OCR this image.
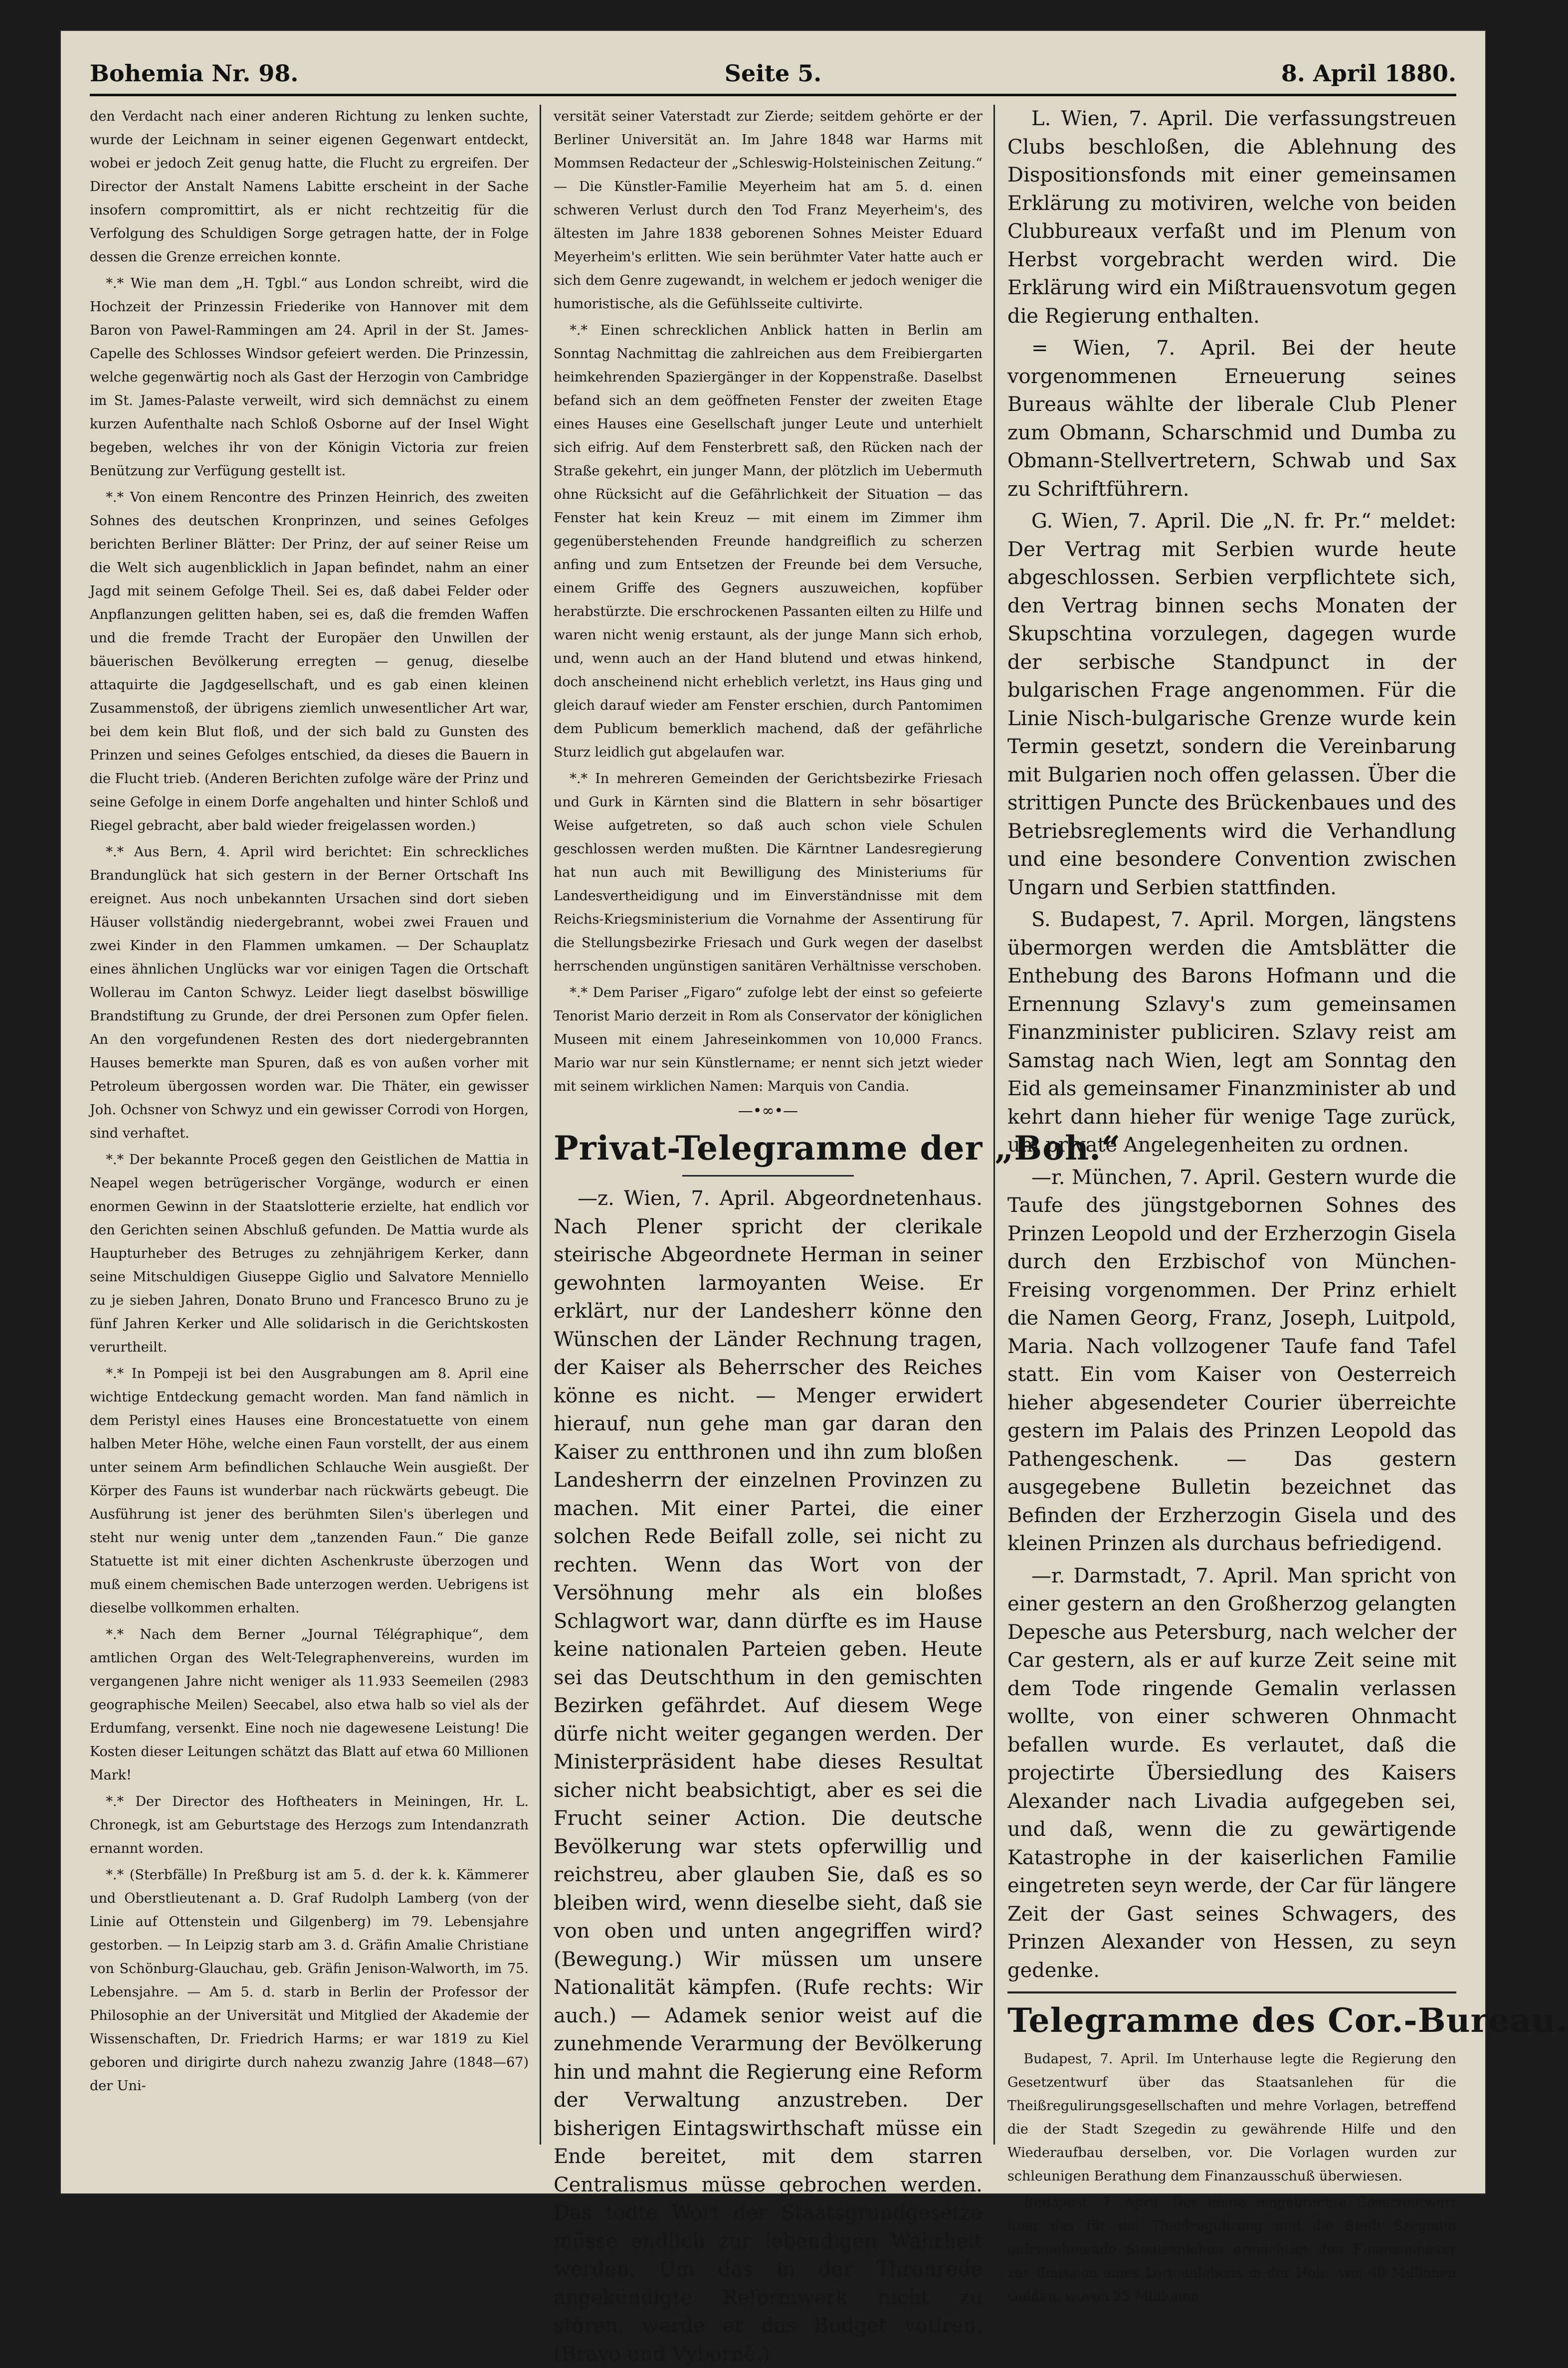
Bohemia Nr. 98.	Seite 5.	8. April 1880.

den Verdacht nach einer anderen Richtung zu lenken suchte, wurde der Leichnam in seiner eigenen Gegenwart entdeckt, wobei er jedoch Zeit genug hatte, die Flucht zu ergreifen. Der Director der Anstalt Namens Labitte erscheint in der Sache insofern compromittirt, als er nicht rechtzeitig für die Verfolgung des Schuldigen Sorge getragen hatte, der in Folge dessen die Grenze erreichen konnte.

*.* Wie man dem „H. Tgbl.“ aus London schreibt, wird die Hochzeit der Prinzessin Friederike von Hannover mit dem Baron von Pawel-Rammingen am 24. April in der St. James-Capelle des Schlosses Windsor gefeiert werden. Die Prinzessin, welche gegenwärtig noch als Gast der Herzogin von Cambridge im St. James-Palaste verweilt, wird sich demnächst zu einem kurzen Aufenthalte nach Schloß Osborne auf der Insel Wight begeben, welches ihr von der Königin Victoria zur freien Benützung zur Verfügung gestellt ist.

*.* Von einem Rencontre des Prinzen Heinrich, des zweiten Sohnes des deutschen Kronprinzen, und seines Gefolges berichten Berliner Blätter: Der Prinz, der auf seiner Reise um die Welt sich augenblicklich in Japan befindet, nahm an einer Jagd mit seinem Gefolge Theil. Sei es, daß dabei Felder oder Anpflanzungen gelitten haben, sei es, daß die fremden Waffen und die fremde Tracht der Europäer den Unwillen der bäuerischen Bevölkerung erregten — genug, dieselbe attaquirte die Jagdgesellschaft, und es gab einen kleinen Zusammenstoß, der übrigens ziemlich unwesentlicher Art war, bei dem kein Blut floß, und der sich bald zu Gunsten des Prinzen und seines Gefolges entschied, da dieses die Bauern in die Flucht trieb. (Anderen Berichten zufolge wäre der Prinz und seine Gefolge in einem Dorfe angehalten und hinter Schloß und Riegel gebracht, aber bald wieder freigelassen worden.)

*.* Aus Bern, 4. April wird berichtet: Ein schreckliches Brandunglück hat sich gestern in der Berner Ortschaft Ins ereignet. Aus noch unbekannten Ursachen sind dort sieben Häuser vollständig niedergebrannt, wobei zwei Frauen und zwei Kinder in den Flammen umkamen. — Der Schauplatz eines ähnlichen Unglücks war vor einigen Tagen die Ortschaft Wollerau im Canton Schwyz. Leider liegt daselbst böswillige Brandstiftung zu Grunde, der drei Personen zum Opfer fielen. An den vorgefundenen Resten des dort niedergebrannten Hauses bemerkte man Spuren, daß es von außen vorher mit Petroleum übergossen worden war. Die Thäter, ein gewisser Joh. Ochsner von Schwyz und ein gewisser Corrodi von Horgen, sind verhaftet.

*.* Der bekannte Proceß gegen den Geistlichen de Mattia in Neapel wegen betrügerischer Vorgänge, wodurch er einen enormen Gewinn in der Staatslotterie erzielte, hat endlich vor den Gerichten seinen Abschluß gefunden. De Mattia wurde als Haupturheber des Betruges zu zehnjährigem Kerker, dann seine Mitschuldigen Giuseppe Giglio und Salvatore Menniello zu je sieben Jahren, Donato Bruno und Francesco Bruno zu je fünf Jahren Kerker und Alle solidarisch in die Gerichtskosten verurtheilt.

*.* In Pompeji ist bei den Ausgrabungen am 8. April eine wichtige Entdeckung gemacht worden. Man fand nämlich in dem Peristyl eines Hauses eine Broncestatuette von einem halben Meter Höhe, welche einen Faun vorstellt, der aus einem unter seinem Arm befindlichen Schlauche Wein ausgießt. Der Körper des Fauns ist wunderbar nach rückwärts gebeugt. Die Ausführung ist jener des berühmten Silen's überlegen und steht nur wenig unter dem „tanzenden Faun.“ Die ganze Statuette ist mit einer dichten Aschenkruste überzogen und muß einem chemischen Bade unterzogen werden. Uebrigens ist dieselbe vollkommen erhalten.

*.* Nach dem Berner „Journal Télégraphique“, dem amtlichen Organ des Welt-Telegraphenvereins, wurden im vergangenen Jahre nicht weniger als 11.933 Seemeilen (2983 geographische Meilen) Seecabel, also etwa halb so viel als der Erdumfang, versenkt. Eine noch nie dagewesene Leistung! Die Kosten dieser Leitungen schätzt das Blatt auf etwa 60 Millionen Mark!

*.* Der Director des Hoftheaters in Meiningen, Hr. L. Chronegk, ist am Geburtstage des Herzogs zum Intendanzrath ernannt worden.

*.* (Sterbfälle) In Preßburg ist am 5. d. der k. k. Kämmerer und Oberstlieutenant a. D. Graf Rudolph Lamberg (von der Linie auf Ottenstein und Gilgenberg) im 79. Lebensjahre gestorben. — In Leipzig starb am 3. d. Gräfin Amalie Christiane von Schönburg-Glauchau, geb. Gräfin Jenison-Walworth, im 75. Lebensjahre. — Am 5. d. starb in Berlin der Professor der Philosophie an der Universität und Mitglied der Akademie der Wissenschaften, Dr. Friedrich Harms; er war 1819 zu Kiel geboren und dirigirte durch nahezu zwanzig Jahre (1848—67) der Uni-

versität seiner Vaterstadt zur Zierde; seitdem gehörte er der Berliner Universität an. Im Jahre 1848 war Harms mit Mommsen Redacteur der „Schleswig-Holsteinischen Zeitung.“ — Die Künstler-Familie Meyerheim hat am 5. d. einen schweren Verlust durch den Tod Franz Meyerheim's, des ältesten im Jahre 1838 geborenen Sohnes Meister Eduard Meyerheim's erlitten. Wie sein berühmter Vater hatte auch er sich dem Genre zugewandt, in welchem er jedoch weniger die humoristische, als die Gefühlsseite cultivirte.

*.* Einen schrecklichen Anblick hatten in Berlin am Sonntag Nachmittag die zahlreichen aus dem Freibiergarten heimkehrenden Spaziergänger in der Koppenstraße. Daselbst befand sich an dem geöffneten Fenster der zweiten Etage eines Hauses eine Gesellschaft junger Leute und unterhielt sich eifrig. Auf dem Fensterbrett saß, den Rücken nach der Straße gekehrt, ein junger Mann, der plötzlich im Uebermuth ohne Rücksicht auf die Gefährlichkeit der Situation — das Fenster hat kein Kreuz — mit einem im Zimmer ihm gegenüberstehenden Freunde handgreiflich zu scherzen anfing und zum Entsetzen der Freunde bei dem Versuche, einem Griffe des Gegners auszuweichen, kopfüber herabstürzte. Die erschrockenen Passanten eilten zu Hilfe und waren nicht wenig erstaunt, als der junge Mann sich erhob, und, wenn auch an der Hand blutend und etwas hinkend, doch anscheinend nicht erheblich verletzt, ins Haus ging und gleich darauf wieder am Fenster erschien, durch Pantomimen dem Publicum bemerklich machend, daß der gefährliche Sturz leidlich gut abgelaufen war.

*.* In mehreren Gemeinden der Gerichtsbezirke Friesach und Gurk in Kärnten sind die Blattern in sehr bösartiger Weise aufgetreten, so daß auch schon viele Schulen geschlossen werden mußten. Die Kärntner Landesregierung hat nun auch mit Bewilligung des Ministeriums für Landesvertheidigung und im Einverständnisse mit dem Reichs-Kriegsministerium die Vornahme der Assentirung für die Stellungsbezirke Friesach und Gurk wegen der daselbst herrschenden ungünstigen sanitären Verhältnisse verschoben.

*.* Dem Pariser „Figaro“ zufolge lebt der einst so gefeierte Tenorist Mario derzeit in Rom als Conservator der königlichen Museen mit einem Jahreseinkommen von 10,000 Francs. Mario war nur sein Künstlername; er nennt sich jetzt wieder mit seinem wirklichen Namen: Marquis von Candia.

—•∞•—
Privat-Telegramme der „Boh.“

—z. Wien, 7. April. Abgeordnetenhaus. Nach Plener spricht der clerikale steirische Abgeordnete Herman in seiner gewohnten larmoyanten Weise. Er erklärt, nur der Landesherr könne den Wünschen der Länder Rechnung tragen, der Kaiser als Beherrscher des Reiches könne es nicht. — Menger erwidert hierauf, nun gehe man gar daran den Kaiser zu entthronen und ihn zum bloßen Landesherrn der einzelnen Provinzen zu machen. Mit einer Partei, die einer solchen Rede Beifall zolle, sei nicht zu rechten. Wenn das Wort von der Versöhnung mehr als ein bloßes Schlagwort war, dann dürfte es im Hause keine nationalen Parteien geben. Heute sei das Deutschthum in den gemischten Bezirken gefährdet. Auf diesem Wege dürfe nicht weiter gegangen werden. Der Ministerpräsident habe dieses Resultat sicher nicht beabsichtigt, aber es sei die Frucht seiner Action. Die deutsche Bevölkerung war stets opferwillig und reichstreu, aber glauben Sie, daß es so bleiben wird, wenn dieselbe sieht, daß sie von oben und unten angegriffen wird? (Bewegung.) Wir müssen um unsere Nationalität kämpfen. (Rufe rechts: Wir auch.) — Adamek senior weist auf die zunehmende Verarmung der Bevölkerung hin und mahnt die Regierung eine Reform der Verwaltung anzustreben. Der bisherigen Eintagswirthschaft müsse ein Ende bereitet, mit dem starren Centralismus müsse gebrochen werden. Das todte Wort der Staatsgrundgesetze müsse endlich zur lebendigen Wahrheit werden. Um das in der Thronrede angekündigte Reformwerk nicht zu stören, werde er das Budget votiren. (Bravo und Vyborně.)

L. Wien, 7. April. Die verfassungstreuen Clubs beschloßen, die Ablehnung des Dispositionsfonds mit einer gemeinsamen Erklärung zu motiviren, welche von beiden Clubbureaux verfaßt und im Plenum von Herbst vorgebracht werden wird. Die Erklärung wird ein Mißtrauensvotum gegen die Regierung enthalten.

= Wien, 7. April. Bei der heute vorgenommenen Erneuerung seines Bureaus wählte der liberale Club Plener zum Obmann, Scharschmid und Dumba zu Obmann-Stellvertretern, Schwab und Sax zu Schriftführern.

G. Wien, 7. April. Die „N. fr. Pr.“ meldet: Der Vertrag mit Serbien wurde heute abgeschlossen. Serbien verpflichtete sich, den Vertrag binnen sechs Monaten der Skupschtina vorzulegen, dagegen wurde der serbische Standpunct in der bulgarischen Frage angenommen. Für die Linie Nisch-bulgarische Grenze wurde kein Termin gesetzt, sondern die Vereinbarung mit Bulgarien noch offen gelassen. Über die strittigen Puncte des Brückenbaues und des Betriebsreglements wird die Verhandlung und eine besondere Convention zwischen Ungarn und Serbien stattfinden.

S. Budapest, 7. April. Morgen, längstens übermorgen werden die Amtsblätter die Enthebung des Barons Hofmann und die Ernennung Szlavy's zum gemeinsamen Finanzminister publiciren. Szlavy reist am Samstag nach Wien, legt am Sonntag den Eid als gemeinsamer Finanzminister ab und kehrt dann hieher für wenige Tage zurück, um private Angelegenheiten zu ordnen.

—r. München, 7. April. Gestern wurde die Taufe des jüngstgebornen Sohnes des Prinzen Leopold und der Erzherzogin Gisela durch den Erzbischof von München-Freising vorgenommen. Der Prinz erhielt die Namen Georg, Franz, Joseph, Luitpold, Maria. Nach vollzogener Taufe fand Tafel statt. Ein vom Kaiser von Oesterreich hieher abgesendeter Courier überreichte gestern im Palais des Prinzen Leopold das Pathengeschenk. — Das gestern ausgegebene Bulletin bezeichnet das Befinden der Erzherzogin Gisela und des kleinen Prinzen als durchaus befriedigend.

—r. Darmstadt, 7. April. Man spricht von einer gestern an den Großherzog gelangten Depesche aus Petersburg, nach welcher der Car gestern, als er auf kurze Zeit seine mit dem Tode ringende Gemalin verlassen wollte, von einer schweren Ohnmacht befallen wurde. Es verlautet, daß die projectirte Übersiedlung des Kaisers Alexander nach Livadia aufgegeben sei, und daß, wenn die zu gewärtigende Katastrophe in der kaiserlichen Familie eingetreten seyn werde, der Car für längere Zeit der Gast seines Schwagers, des Prinzen Alexander von Hessen, zu seyn gedenke.

Telegramme des Cor.-Bureau.

Budapest, 7. April. Im Unterhause legte die Regierung den Gesetzentwurf über das Staatsanlehen für die Theißregulirungsgesellschaften und mehre Vorlagen, betreffend die der Stadt Szegedin zu gewährende Hilfe und den Wiederaufbau derselben, vor. Die Vorlagen wurden zur schleunigen Berathung dem Finanzausschuß überwiesen.

Budapest, 7. April. Der heute eingebrachte Gesetzentwurf über das für die Theißregulirung und die Stadt Szegedin aufzunehmende Staatsanlehen ermächtigt den Finanzminister zur Emission eines Lottoanlehens in der Höhe von 40 Millionen Gulden, wovon 25 Millionen
